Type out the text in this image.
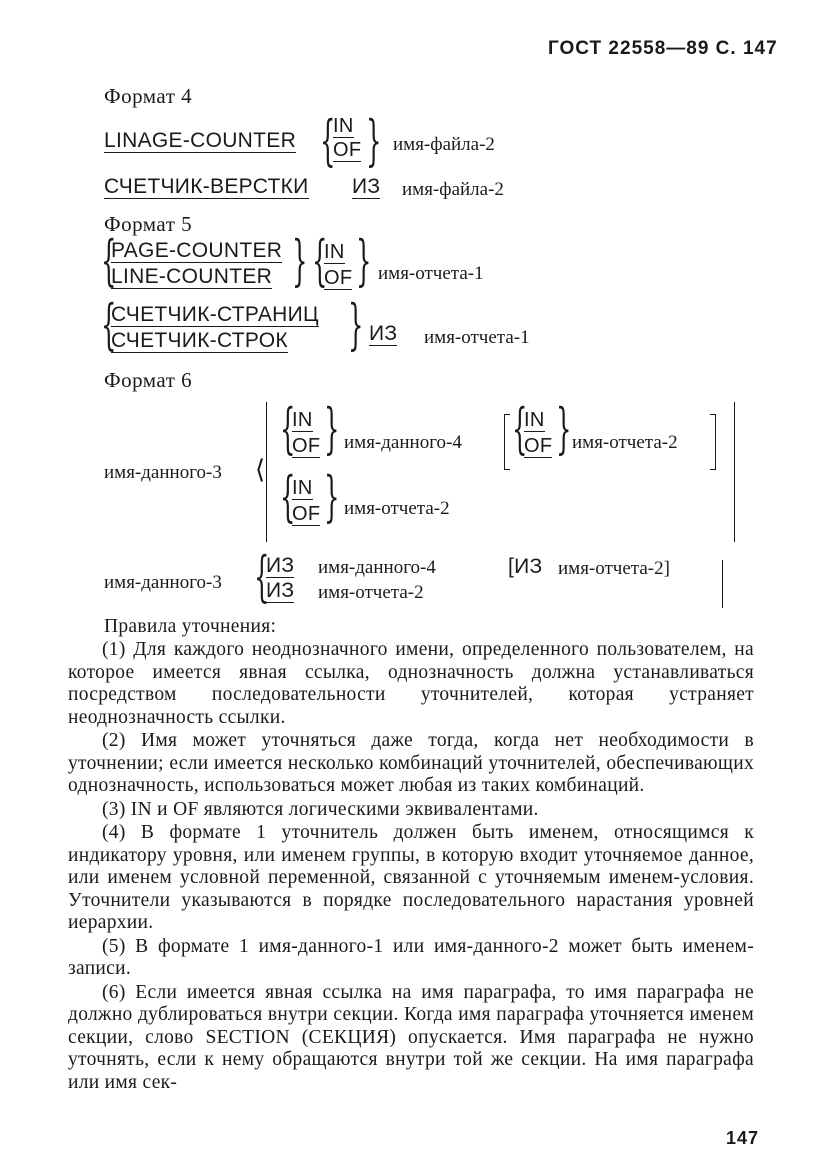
ГОСТ 22558—89 С. 147
Формат 4
LINAGE-COUNTER {
IN
OF } имя-файла-2
СЧЕТЧИК-ВЕРСТКИ ИЗ имя-файла-2
Формат 5
{
PAGE-COUNTER
LINE-COUNTER } {
IN
OF } имя-отчета-1
{
СЧЕТЧИК-СТРАНИЦ
СЧЕТЧИК-СТРОК } ИЗ имя-отчета-1
Формат 6
имя-данного-3 ⟨
{
IN
OF } имя-данного-4 {
IN
OF } имя-отчета-2
{
IN
OF } имя-отчета-2
имя-данного-3 {
ИЗ
ИЗ
имя-данного-4	[ИЗ имя-отчета-2]
имя-отчета-2
Правила уточнения:

(1) Для каждого неоднозначного имени, определенного пользователем, на которое имеется явная ссылка, однозначность должна устанавливаться посредством последовательности уточнителей, которая устраняет неоднозначность ссылки.

(2) Имя может уточняться даже тогда, когда нет необходимости в уточнении; если имеется несколько комбинаций уточнителей, обеспечивающих однозначность, использоваться может любая из таких комбинаций.

(3) IN и OF являются логическими эквивалентами.

(4) В формате 1 уточнитель должен быть именем, относящимся к индикатору уровня, или именем группы, в которую входит уточняемое данное, или именем условной переменной, связанной с уточняемым именем-условия. Уточнители указываются в порядке последовательного нарастания уровней иерархии.

(5) В формате 1 имя-данного-1 или имя-данного-2 может быть именем-записи.

(6) Если имеется явная ссылка на имя параграфа, то имя параграфа не должно дублироваться внутри секции. Когда имя параграфа уточняется именем секции, слово SECTION (СЕКЦИЯ) опускается. Имя параграфа не нужно уточнять, если к нему обращаются внутри той же секции. На имя параграфа или имя сек-

147
